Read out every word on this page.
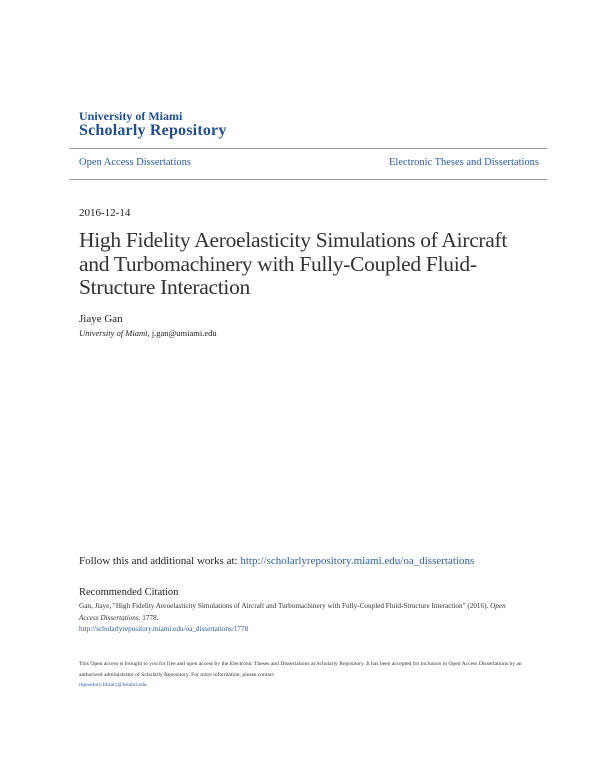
University of Miami
Scholarly Repository
Open Access Dissertations	Electronic Theses and Dissertations
2016-12-14
High Fidelity Aeroelasticity Simulations of Aircraft and Turbomachinery with Fully-Coupled Fluid-Structure Interaction
Jiaye Gan
University of Miami, j.gan@umiami.edu
Follow this and additional works at: http://scholarlyrepository.miami.edu/oa_dissertations
Recommended Citation
Gan, Jiaye, "High Fidelity Aeroelasticity Simulations of Aircraft and Turbomachinery with Fully-Coupled Fluid-Structure Interaction" (2016). Open Access Dissertations. 1778.
http://scholarlyrepository.miami.edu/oa_dissertations/1778
This Open access is brought to you for free and open access by the Electronic Theses and Dissertations at Scholarly Repository. It has been accepted for inclusion in Open Access Dissertations by an authorized administrator of Scholarly Repository. For more information, please contact
repository.library@miami.edu.
